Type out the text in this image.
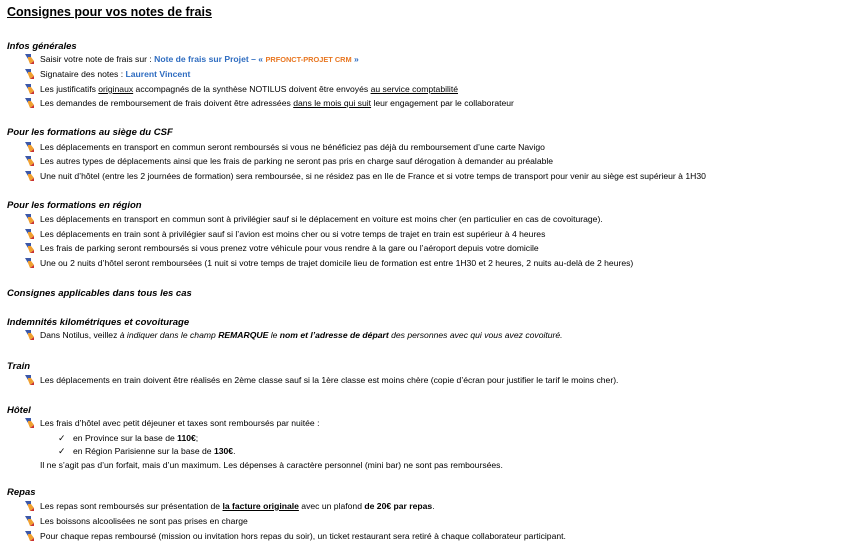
Consignes pour vos notes de frais
Infos générales
Saisir votre note de frais sur : Note de frais sur Projet – « PRFONCT-PROJET CRM »
Signataire des notes : Laurent Vincent
Les justificatifs originaux accompagnés de la synthèse NOTILUS doivent être envoyés au service comptabilité
Les demandes de remboursement de frais doivent être adressées dans le mois qui suit leur engagement par le collaborateur
Pour les formations au siège du CSF
Les déplacements en transport en commun seront remboursés si vous ne bénéficiez pas déjà du remboursement d’une carte Navigo
Les autres types de déplacements ainsi que les frais de parking ne seront pas pris en charge sauf dérogation à demander au préalable
Une nuit d’hôtel (entre les 2 journées de formation) sera remboursée, si ne résidez pas en Ile de France et si votre temps de transport pour venir au siège est supérieur à 1H30
Pour les formations en région
Les déplacements en transport en commun sont à privilégier sauf si le déplacement en voiture est moins cher (en particulier en cas de covoiturage).
Les déplacements en train sont à privilégier sauf si l’avion est moins cher ou si votre temps de trajet en train est supérieur à 4 heures
Les frais de parking seront remboursés si vous prenez votre véhicule pour vous rendre à la gare ou l’aéroport depuis votre domicile
Une ou 2 nuits d’hôtel seront remboursées (1 nuit si votre temps de trajet domicile lieu de formation est entre 1H30 et 2 heures, 2 nuits au-delà de 2 heures)
Consignes applicables dans tous les cas
Indemnités kilométriques et covoiturage
Dans Notilus, veillez à indiquer dans le champ REMARQUE le nom et l’adresse de départ des personnes avec qui vous avez covoituré.
Train
Les déplacements en train doivent être réalisés en 2ème classe sauf si la 1ère classe est moins chère (copie d’écran pour justifier le tarif le moins cher).
Hôtel
Les frais d’hôtel avec petit déjeuner et taxes sont remboursés par nuitée :
✓ en Province sur la base de 110€;
✓ en Région Parisienne sur la base de 130€.
Il ne s’agit pas d’un forfait, mais d’un maximum. Les dépenses à caractère personnel (mini bar) ne sont pas remboursées.
Repas
Les repas sont remboursés sur présentation de la facture originale avec un plafond de 20€ par repas.
Les boissons alcoolisées ne sont pas prises en charge
Pour chaque repas remboursé (mission ou invitation hors repas du soir), un ticket restaurant sera retiré à chaque collaborateur participant.
